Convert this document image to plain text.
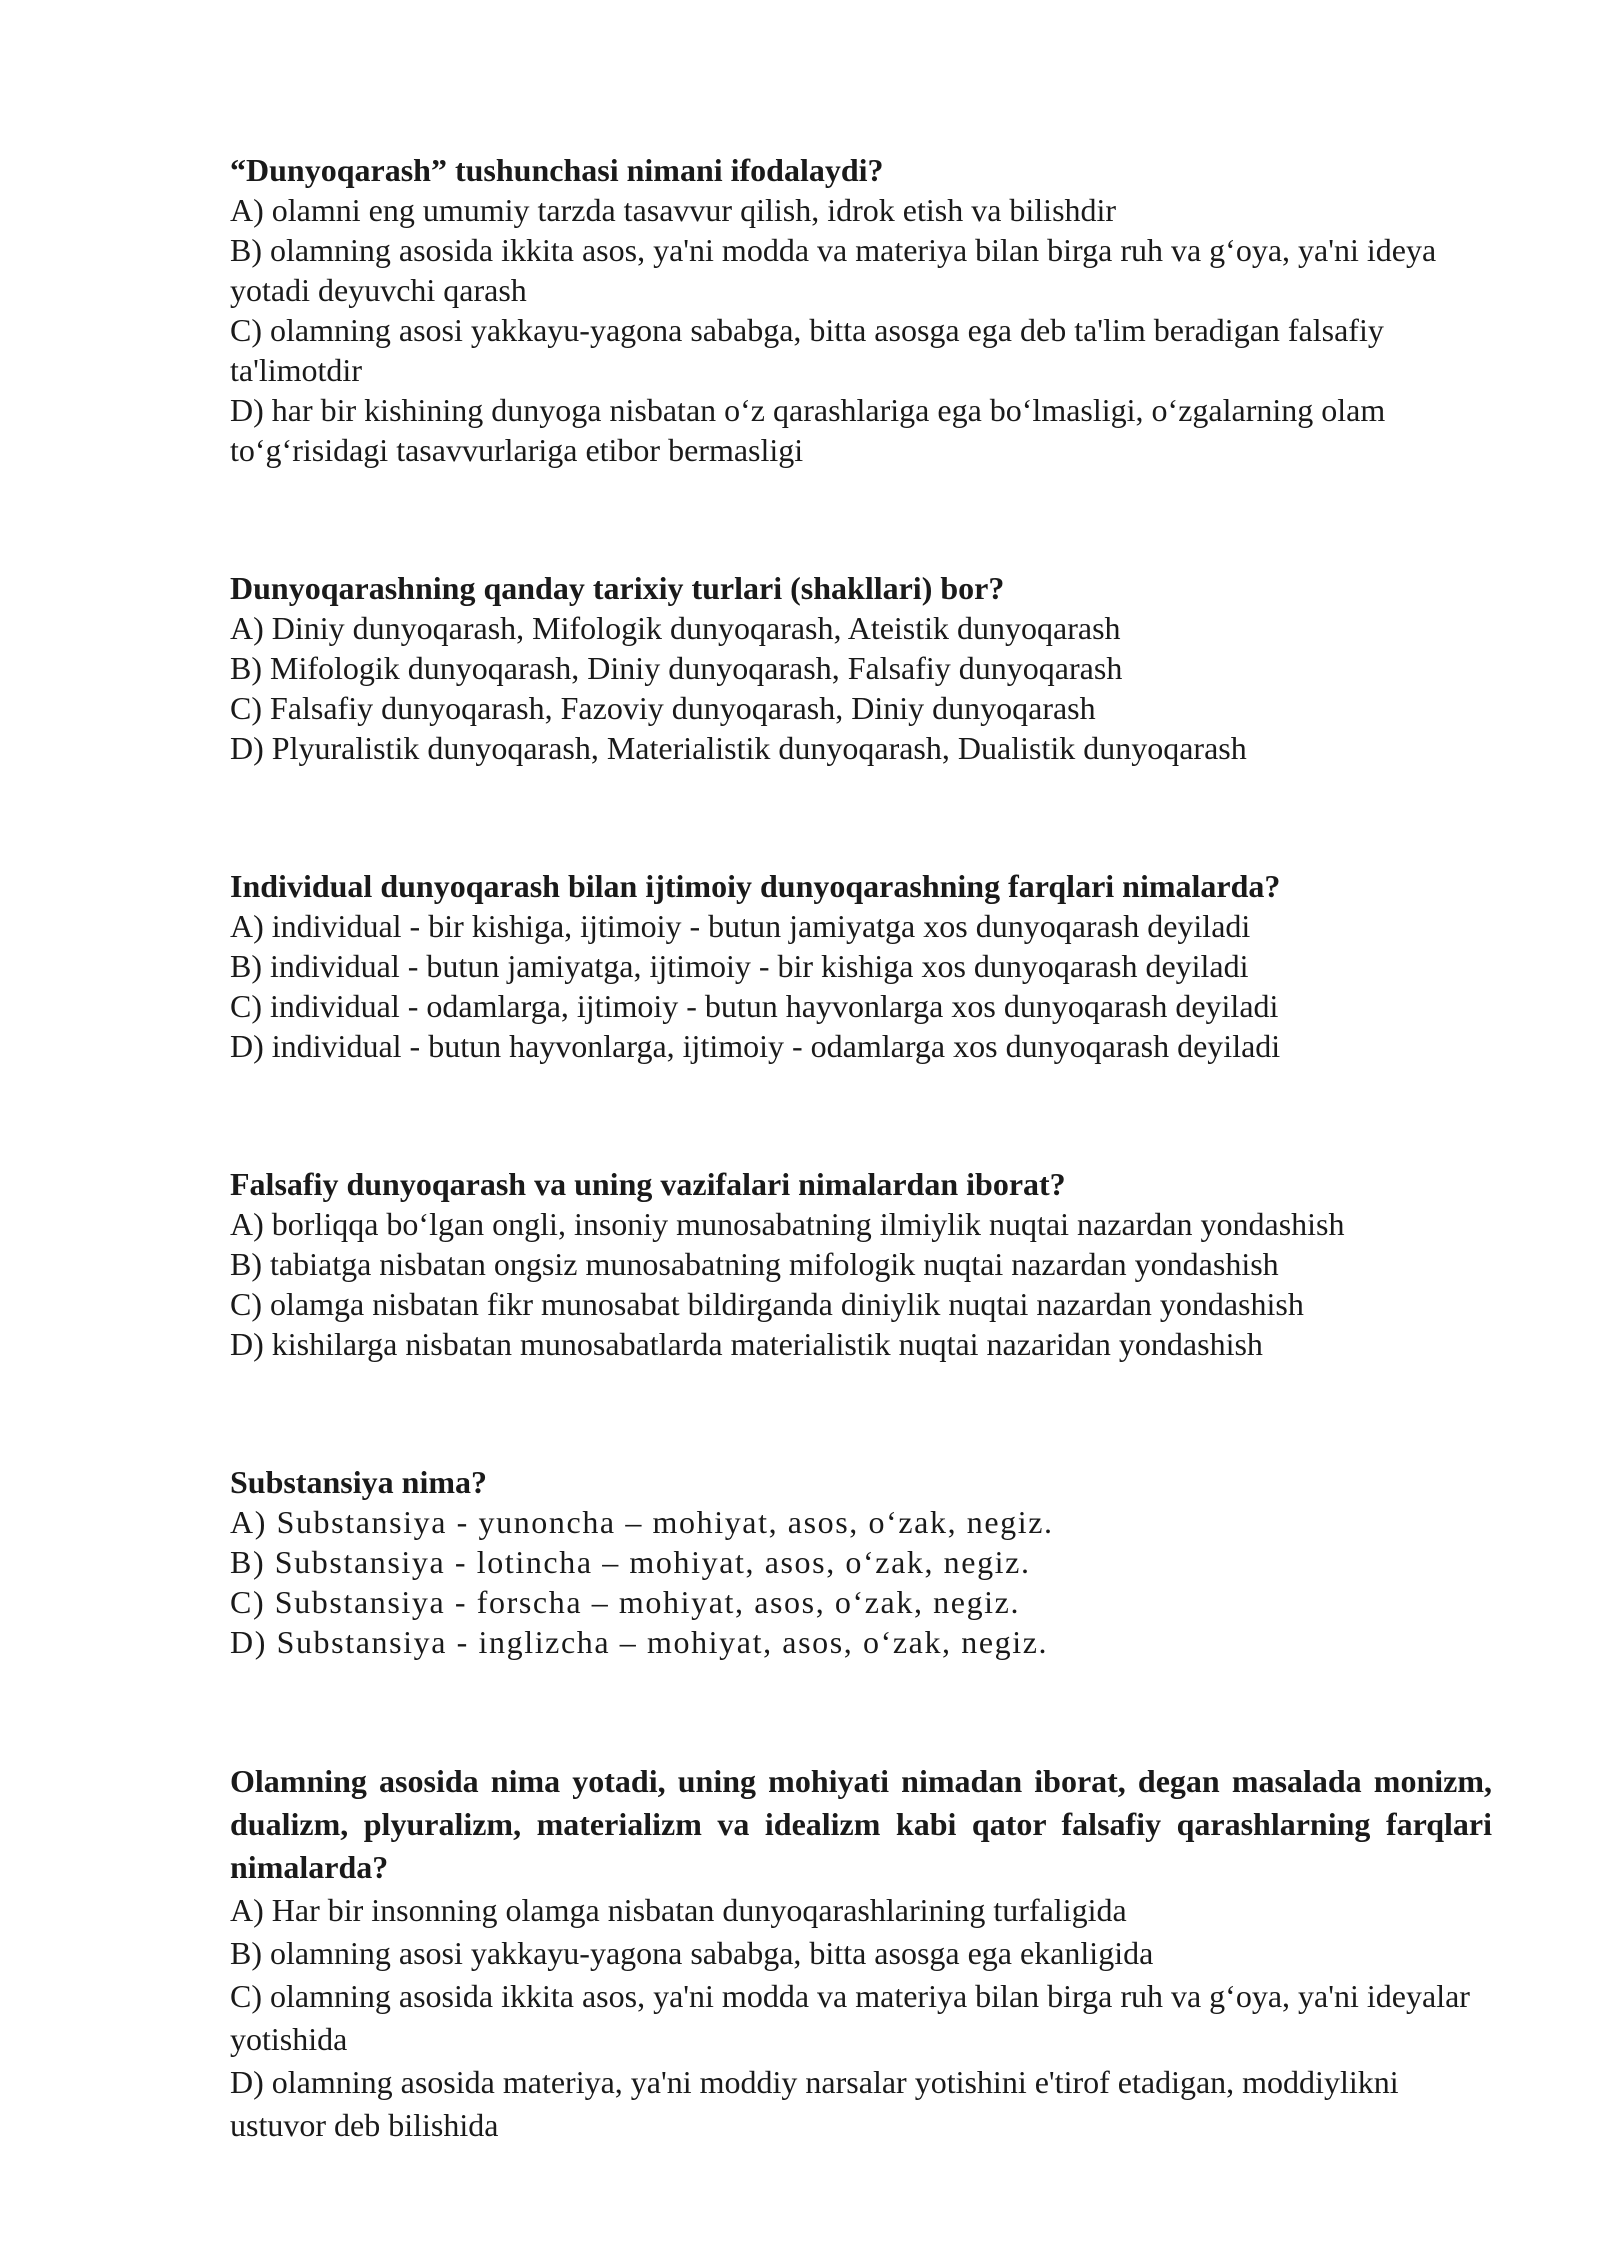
“Dunyoqarash” tushunchasi nimani ifodalaydi?

A) olamni eng umumiy tarzda tasavvur qilish, idrok etish va bilishdir

B) olamning asosida ikkita asos, ya'ni modda va materiya bilan birga ruh va g‘oya, ya'ni ideya yotadi deyuvchi qarash

C) olamning asosi yakkayu-yagona sababga, bitta asosga ega deb ta'lim beradigan falsafiy ta'limotdir

D) har bir kishining dunyoga nisbatan o‘z qarashlariga ega bo‘lmasligi, o‘zgalarning olam to‘g‘risidagi tasavvurlariga etibor bermasligi

Dunyoqarashning qanday tarixiy turlari (shakllari) bor?

A) Diniy dunyoqarash, Mifologik dunyoqarash, Ateistik dunyoqarash

B) Mifologik dunyoqarash, Diniy dunyoqarash, Falsafiy dunyoqarash

C) Falsafiy dunyoqarash, Fazoviy dunyoqarash, Diniy dunyoqarash

D) Plyuralistik dunyoqarash, Materialistik dunyoqarash, Dualistik dunyoqarash

Individual dunyoqarash bilan ijtimoiy dunyoqarashning farqlari nimalarda?

A) individual - bir kishiga, ijtimoiy - butun jamiyatga xos dunyoqarash deyiladi

B) individual - butun jamiyatga, ijtimoiy - bir kishiga xos dunyoqarash deyiladi

C) individual - odamlarga, ijtimoiy - butun hayvonlarga xos dunyoqarash deyiladi

D) individual - butun hayvonlarga, ijtimoiy - odamlarga xos dunyoqarash deyiladi

Falsafiy dunyoqarash va uning vazifalari nimalardan iborat?

A) borliqqa bo‘lgan ongli, insoniy munosabatning ilmiylik nuqtai nazardan yondashish

B) tabiatga nisbatan ongsiz munosabatning mifologik nuqtai nazardan yondashish

C) olamga nisbatan fikr munosabat bildirganda diniylik nuqtai nazardan yondashish

D) kishilarga nisbatan munosabatlarda materialistik nuqtai nazaridan yondashish

Substansiya nima?

A) Substansiya - yunoncha – mohiyat, asos, o‘zak, negiz.

B) Substansiya - lotincha – mohiyat, asos, o‘zak, negiz.

C) Substansiya - forscha – mohiyat, asos, o‘zak, negiz.

D) Substansiya - inglizcha – mohiyat, asos, o‘zak, negiz.

Olamning asosida nima yotadi, uning mohiyati nimadan iborat, degan masalada monizm, dualizm, plyuralizm, materializm va idealizm kabi qator falsafiy qarashlarning farqlari nimalarda?

A) Har bir insonning olamga nisbatan dunyoqarashlarining turfaligida

B) olamning asosi yakkayu-yagona sababga, bitta asosga ega ekanligida

C) olamning asosida ikkita asos, ya'ni modda va materiya bilan birga ruh va g‘oya, ya'ni ideyalar yotishida

D) olamning asosida materiya, ya'ni moddiy narsalar yotishini e'tirof etadigan, moddiylikni ustuvor deb bilishida
